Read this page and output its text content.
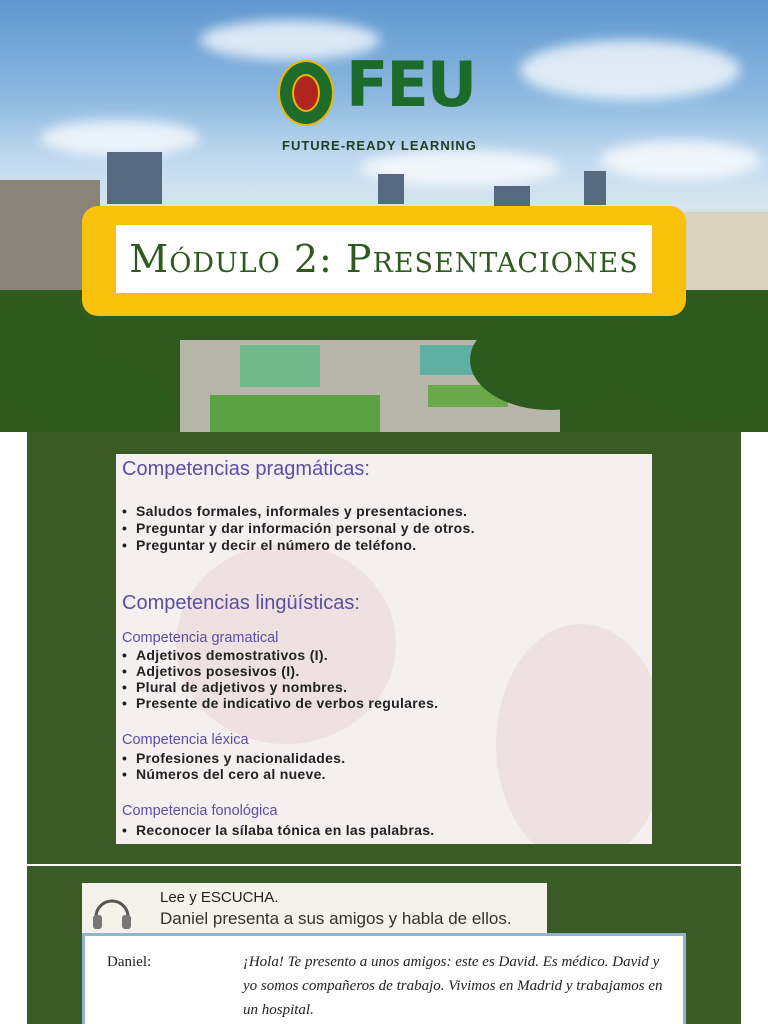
FEU
FUTURE-READY LEARNING
Módulo 2: Presentaciones
Competencias pragmáticas:
• Saludos formales, informales y presentaciones.
• Preguntar y dar información personal y de otros.
• Preguntar y decir el número de teléfono.
Competencias lingüísticas:
Competencia gramatical
• Adjetivos demostrativos (I).
• Adjetivos posesivos (I).
• Plural de adjetivos y nombres.
• Presente de indicativo de verbos regulares.
Competencia léxica
• Profesiones y nacionalidades.
• Números del cero al nueve.
Competencia fonológica
• Reconocer la sílaba tónica en las palabras.
Lee y ESCUCHA.
Daniel presenta a sus amigos y habla de ellos.
Daniel:	¡Hola! Te presento a unos amigos: este es David. Es médico. David y yo somos compañeros de trabajo. Vivimos en Madrid y trabajamos en un hospital.
